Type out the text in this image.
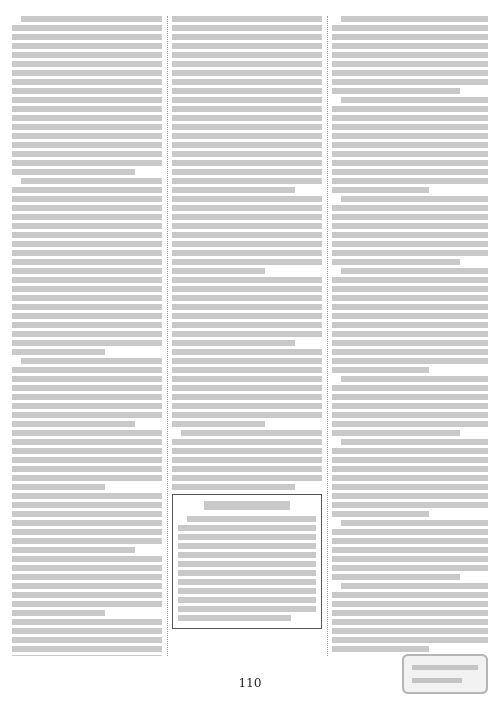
110
